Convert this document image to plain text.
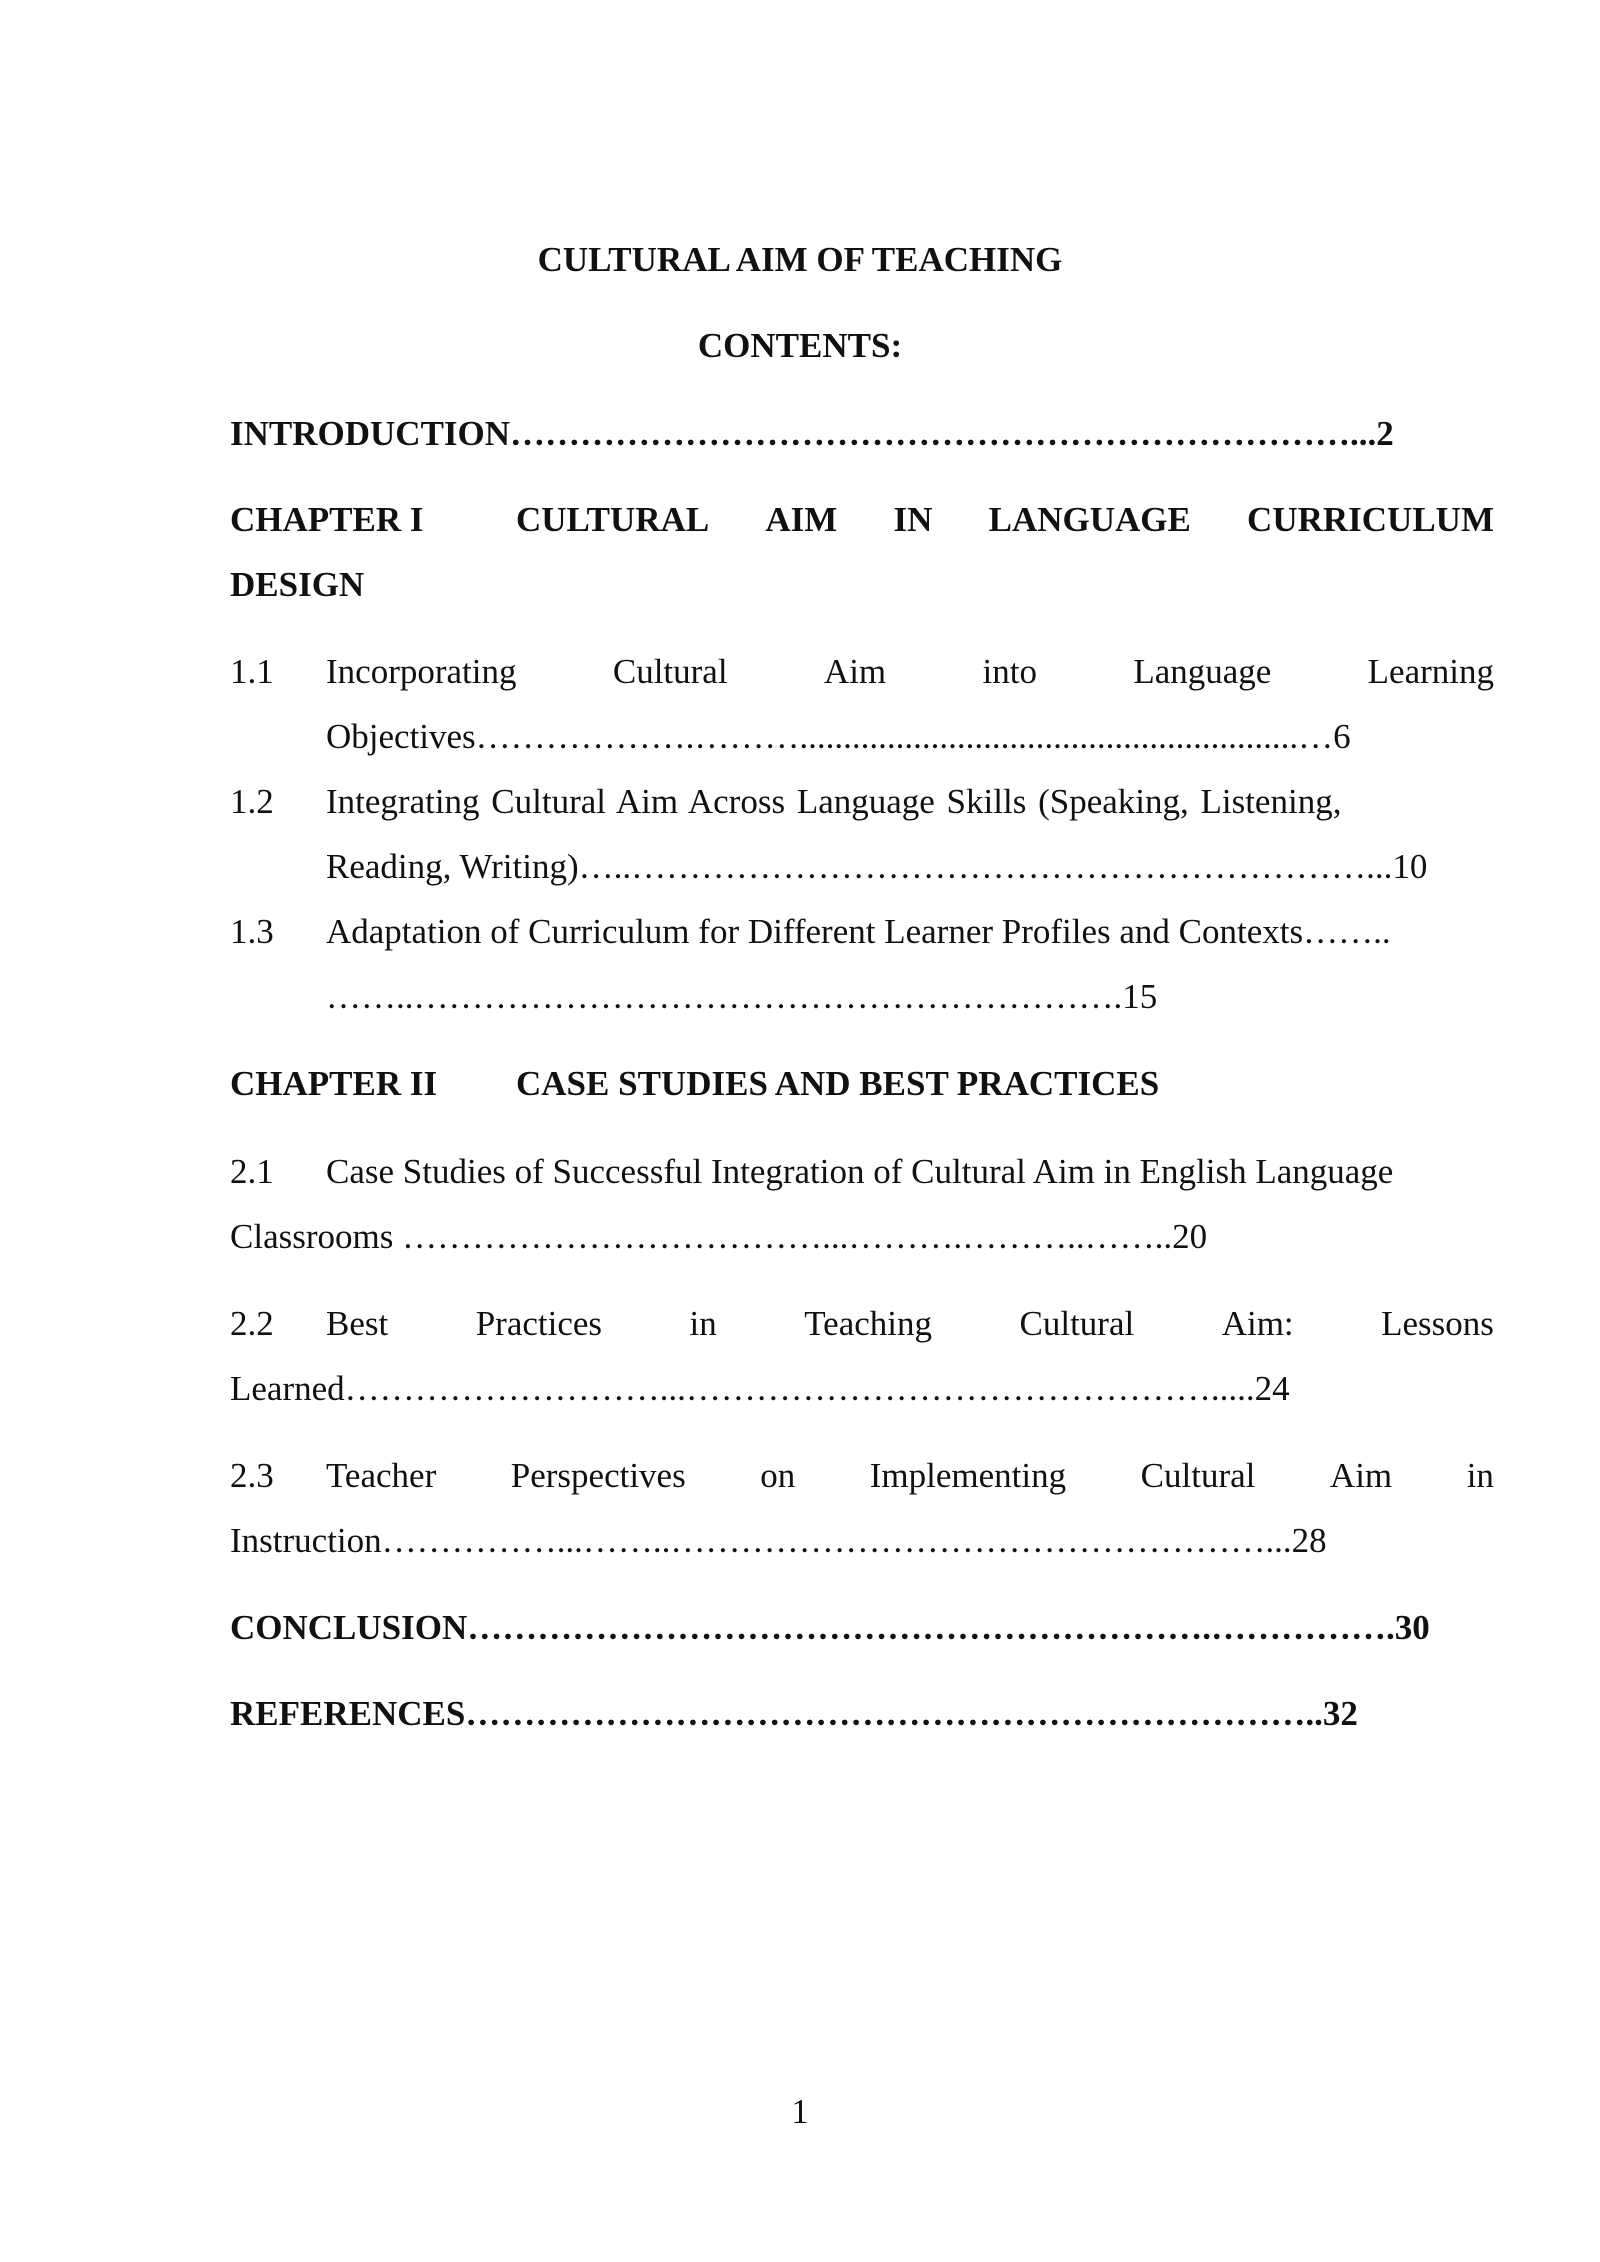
CULTURAL AIM OF TEACHING
CONTENTS:
INTRODUCTION………………………………………………………………...2
CHAPTER I	CULTURAL AIM IN LANGUAGE CURRICULUM
DESIGN
1.1 Incorporating	Cultural	Aim	into	Language	Learning
Objectives……………….……….........................................................…6
1.2 Integrating Cultural Aim Across Language Skills (Speaking, Listening,
Reading, Writing)…..………………………………………………………...10
1.3 Adaptation of Curriculum for Different Learner Profiles and Contexts……..
……..…………………………………………………….15
CHAPTER II CASE STUDIES AND BEST PRACTICES
2.1 Case Studies of Successful Integration of Cultural Aim in English Language
Classrooms ………………………………...……….………..……..20
2.2 Best Practices in Teaching Cultural Aim: Lessons
Learned………………………...……………………………………….....24
2.3 Teacher Perspectives on Implementing Cultural Aim in
Instruction……………...……..……………………………………………...28
CONCLUSION……………………………………………………….…………….30
REFERENCES………………………………………………………………..32
1
